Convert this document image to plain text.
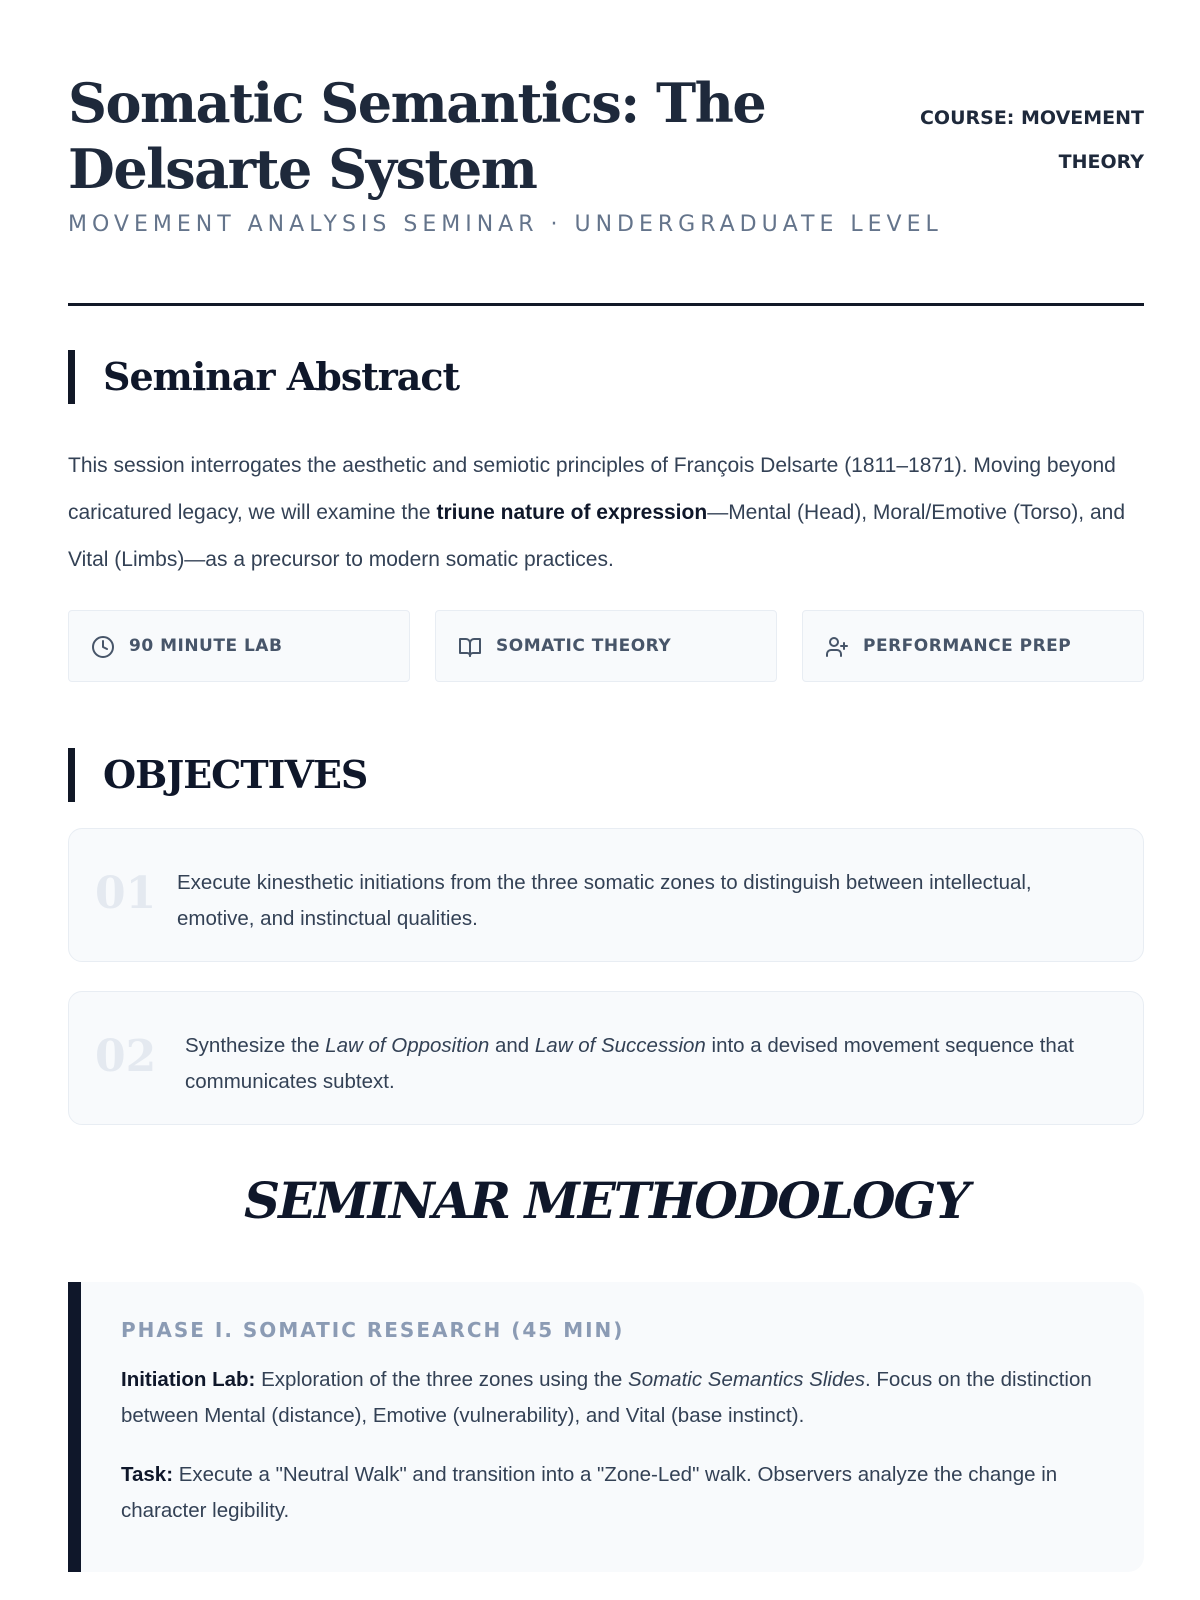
Somatic Semantics: The Delsarte System
MOVEMENT ANALYSIS SEMINAR · UNDERGRADUATE LEVEL
COURSE: MOVEMENT
THEORY
Seminar Abstract

This session interrogates the aesthetic and semiotic principles of François Delsarte (1811–1871). Moving beyond caricatured legacy, we will examine the triune nature of expression—Mental (Head), Moral/Emotive (Torso), and Vital (Limbs)—as a precursor to modern somatic practices.

90 MINUTE LAB	SOMATIC THEORY	PERFORMANCE PREP
OBJECTIVES
01 Execute kinesthetic initiations from the three somatic zones to distinguish between intellectual, emotive, and instinctual qualities.
02 Synthesize the Law of Opposition and Law of Succession into a devised movement sequence that communicates subtext.
SEMINAR METHODOLOGY
PHASE I. SOMATIC RESEARCH (45 MIN)

Initiation Lab: Exploration of the three zones using the Somatic Semantics Slides. Focus on the distinction between Mental (distance), Emotive (vulnerability), and Vital (base instinct).

Task: Execute a "Neutral Walk" and transition into a "Zone-Led" walk. Observers analyze the change in character legibility.
